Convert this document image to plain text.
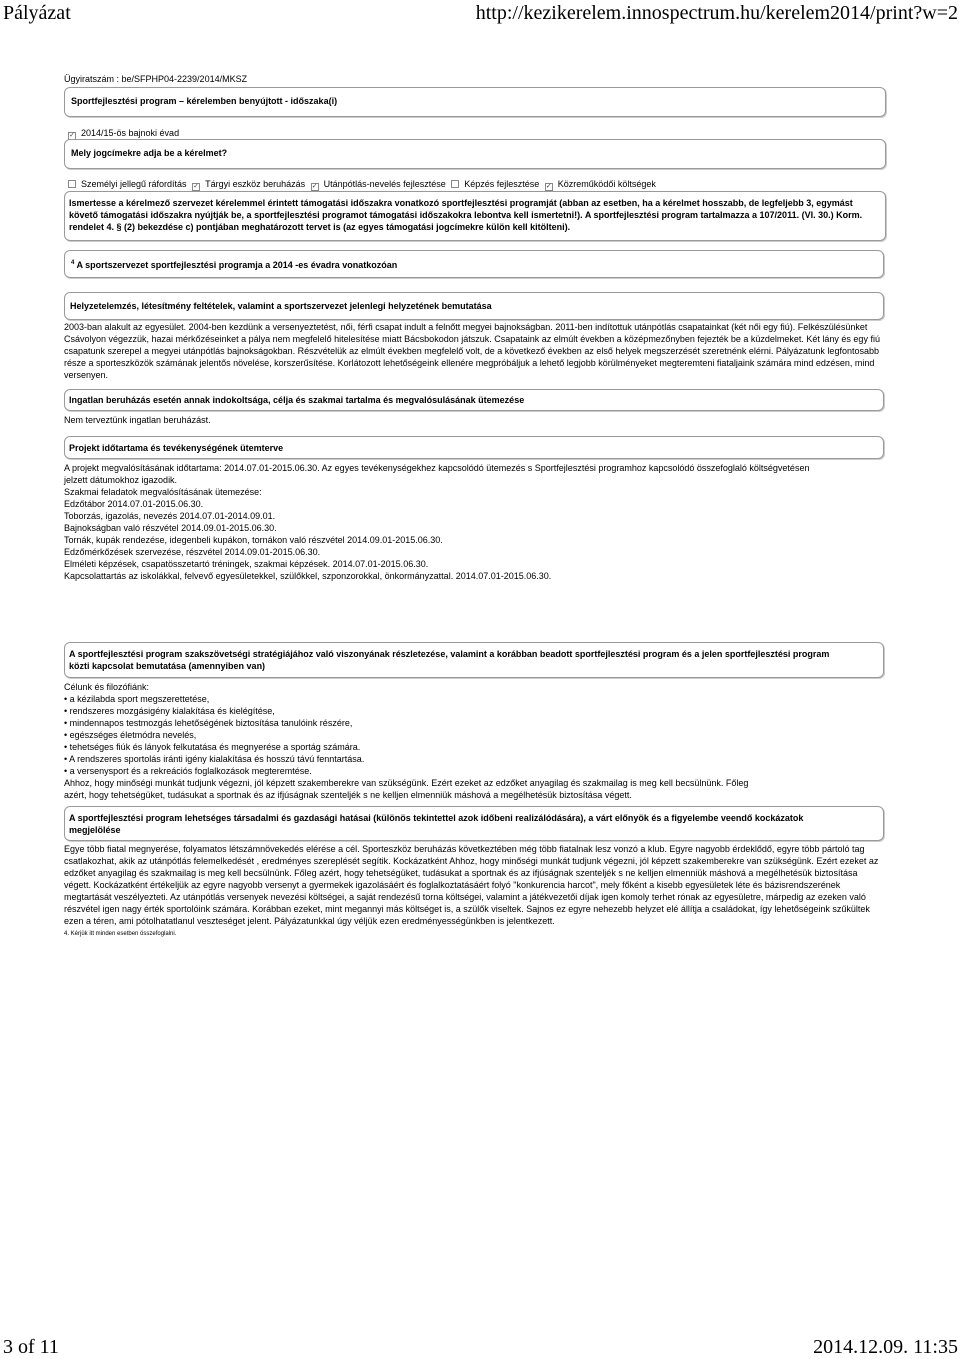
Pályázat	http://kezikerelem.innospectrum.hu/kerelem2014/print?w=2
Ügyiratszám : be/SFPHP04-2239/2014/MKSZ
Sportfejlesztési program – kérelemben benyújtott - időszaka(i)
✓ 2014/15-ös bajnoki évad
Mely jogcímekre adja be a kérelmet?
Személyi jellegű ráfordítás ✓ Tárgyi eszköz beruházás ✓ Utánpótlás-nevelés fejlesztése Képzés fejlesztése ✓ Közreműködői költségek
Ismertesse a kérelmező szervezet kérelemmel érintett támogatási időszakra vonatkozó sportfejlesztési programját (abban az esetben, ha a kérelmet hosszabb, de legfeljebb 3, egymást követő támogatási időszakra nyújtják be, a sportfejlesztési programot támogatási időszakokra lebontva kell ismertetni!). A sportfejlesztési program tartalmazza a 107/2011. (VI. 30.) Korm. rendelet 4. § (2) bekezdése c) pontjában meghatározott tervet is (az egyes támogatási jogcímekre külön kell kitölteni).
$^4$ A sportszervezet sportfejlesztési programja a 2014 -es évadra vonatkozóan
Helyzetelemzés, létesítmény feltételek, valamint a sportszervezet jelenlegi helyzetének bemutatása
2003-ban alakult az egyesület. 2004-ben kezdünk a versenyeztetést, női, férfi csapat indult a felnőtt megyei bajnokságban. 2011-ben indítottuk utánpótlás csapatainkat (két női egy fiú). Felkészülésünket Csávolyon végezzük, hazai mérkőzéseinket a pálya nem megfelelő hitelesítése miatt Bácsbokodon játszuk. Csapataink az elmúlt években a középmezőnyben fejezték be a küzdelmeket. Két lány és egy fiú csapatunk szerepel a megyei utánpótlás bajnokságokban. Részvételük az elmúlt években megfelelő volt, de a következő években az első helyek megszerzését szeretnénk elérni. Pályázatunk legfontosabb része a sporteszközök számának jelentős növelése, korszerűsítése. Korlátozott lehetőségeink ellenére megpróbáljuk a lehető legjobb körülményeket megteremteni fiataljaink számára mind edzésen, mind versenyen.
Ingatlan beruházás esetén annak indokoltsága, célja és szakmai tartalma és megvalósulásának ütemezése
Nem terveztünk ingatlan beruházást.
Projekt időtartama és tevékenységének ütemterve
A projekt megvalósításának időtartama: 2014.07.01-2015.06.30. Az egyes tevékenységekhez kapcsolódó ütemezés s Sportfejlesztési programhoz kapcsolódó összefoglaló költségvetésen
jelzett dátumokhoz igazodik.
Szakmai feladatok megvalósításának ütemezése:
Edzőtábor 2014.07.01-2015.06.30.
Toborzás, igazolás, nevezés 2014.07.01-2014.09.01.
Bajnokságban való részvétel 2014.09.01-2015.06.30.
Tornák, kupák rendezése, idegenbeli kupákon, tornákon való részvétel 2014.09.01-2015.06.30.
Edzőmérkőzések szervezése, részvétel 2014.09.01-2015.06.30.
Elméleti képzések, csapatösszetartó tréningek, szakmai képzések. 2014.07.01-2015.06.30.
Kapcsolattartás az iskolákkal, felvevő egyesületekkel, szülőkkel, szponzorokkal, önkormányzattal. 2014.07.01-2015.06.30.
A sportfejlesztési program szakszövetségi stratégiájához való viszonyának részletezése, valamint a korábban beadott sportfejlesztési program és a jelen sportfejlesztési program
közti kapcsolat bemutatása (amennyiben van)
Célunk és filozófiánk:
• a kézilabda sport megszerettetése,
• rendszeres mozgásigény kialakítása és kielégítése,
• mindennapos testmozgás lehetőségének biztosítása tanulóink részére,
• egészséges életmódra nevelés,
• tehetséges fiúk és lányok felkutatása és megnyerése a sportág számára.
• A rendszeres sportolás iránti igény kialakítása és hosszú távú fenntartása.
• a versenysport és a rekreációs foglalkozások megteremtése.
Ahhoz, hogy minőségi munkát tudjunk végezni, jól képzett szakemberekre van szükségünk. Ezért ezeket az edzőket anyagilag és szakmailag is meg kell becsülnünk. Főleg
azért, hogy tehetségüket, tudásukat a sportnak és az ifjúságnak szenteljék s ne kelljen elmenniük máshová a megélhetésük biztosítása végett.
A sportfejlesztési program lehetséges társadalmi és gazdasági hatásai (különös tekintettel azok időbeni realizálódására), a várt előnyök és a figyelembe veendő kockázatok
megjelölése
Egye több fiatal megnyerése, folyamatos létszámnövekedés elérése a cél. Sporteszköz beruházás következtében még több fiatalnak lesz vonzó a klub. Egyre nagyobb érdeklődő, egyre több pártoló tag csatlakozhat, akik az utánpótlás felemelkedését , eredményes szereplését segítik. Kockázatként Ahhoz, hogy minőségi munkát tudjunk végezni, jól képzett szakemberekre van szükségünk. Ezért ezeket az edzőket anyagilag és szakmailag is meg kell becsülnünk. Főleg azért, hogy tehetségüket, tudásukat a sportnak és az ifjúságnak szenteljék s ne kelljen elmenniük máshová a megélhetésük biztosítása végett. Kockázatként értékeljük az egyre nagyobb versenyt a gyermekek igazolásáért és foglalkoztatásáért folyó "konkurencia harcot", mely főként a kisebb egyesületek léte és bázisrendszerének megtartását veszélyezteti. Az utánpótlás versenyek nevezési költségei, a saját rendezésű torna költségei, valamint a játékvezetői díjak igen komoly terhet rónak az egyesületre, márpedig az ezeken való részvétel igen nagy érték sportolóink számára. Korábban ezeket, mint megannyi más költséget is, a szülők viseltek. Sajnos ez egyre nehezebb helyzet elé állítja a családokat, így lehetőségeink szűkültek ezen a téren, ami pótolhatatlanul veszteséget jelent. Pályázatunkkal úgy véljük ezen eredményességünkben is jelentkezett.
4. Kérjük itt minden esetben összefoglalni.
3 of 11	2014.12.09. 11:35
